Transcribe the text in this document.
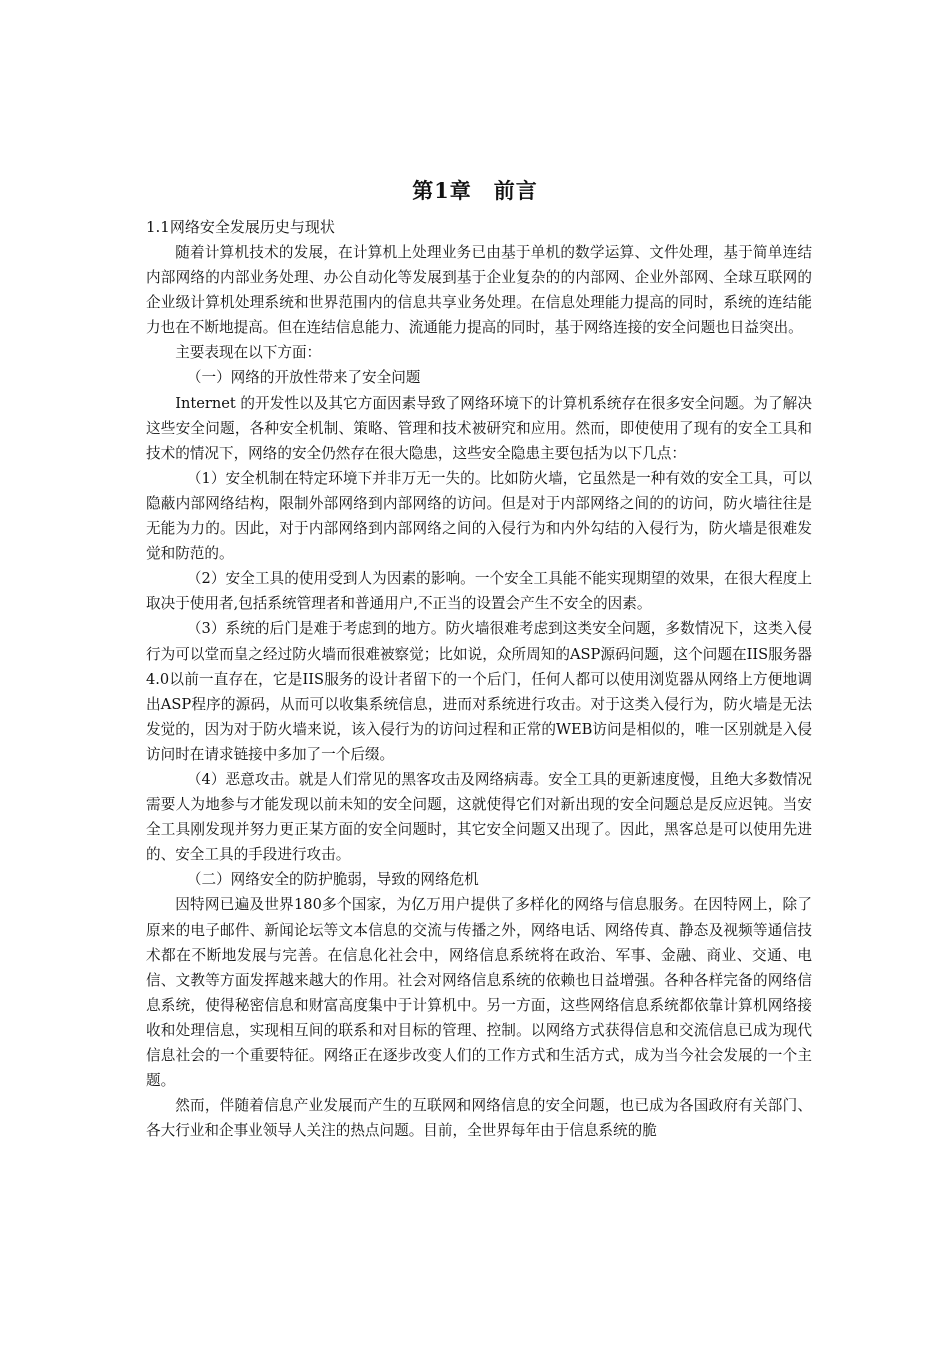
第1章　前言
1.1网络安全发展历史与现状

随着计算机技术的发展，在计算机上处理业务已由基于单机的数学运算、文件处理，基于简单连结内部网络的内部业务处理、办公自动化等发展到基于企业复杂的的内部网、企业外部网、全球互联网的企业级计算机处理系统和世界范围内的信息共享业务处理。在信息处理能力提高的同时，系统的连结能力也在不断地提高。但在连结信息能力、流通能力提高的同时，基于网络连接的安全问题也日益突出。

主要表现在以下方面：

（一）网络的开放性带来了安全问题

Internet 的开发性以及其它方面因素导致了网络环境下的计算机系统存在很多安全问题。为了解决这些安全问题，各种安全机制、策略、管理和技术被研究和应用。然而，即使使用了现有的安全工具和技术的情况下，网络的安全仍然存在很大隐患，这些安全隐患主要包括为以下几点：

（1）安全机制在特定环境下并非万无一失的。比如防火墙，它虽然是一种有效的安全工具，可以隐蔽内部网络结构，限制外部网络到内部网络的访问。但是对于内部网络之间的的访问，防火墙往往是无能为力的。因此，对于内部网络到内部网络之间的入侵行为和内外勾结的入侵行为，防火墙是很难发觉和防范的。

（2）安全工具的使用受到人为因素的影响。一个安全工具能不能实现期望的效果，在很大程度上取决于使用者,包括系统管理者和普通用户,不正当的设置会产生不安全的因素。

（3）系统的后门是难于考虑到的地方。防火墙很难考虑到这类安全问题，多数情况下，这类入侵行为可以堂而皇之经过防火墙而很难被察觉；比如说，众所周知的ASP源码问题，这个问题在IIS服务器4.0以前一直存在，它是IIS服务的设计者留下的一个后门，任何人都可以使用浏览器从网络上方便地调出ASP程序的源码，从而可以收集系统信息，进而对系统进行攻击。对于这类入侵行为，防火墙是无法发觉的，因为对于防火墙来说，该入侵行为的访问过程和正常的WEB访问是相似的，唯一区别就是入侵访问时在请求链接中多加了一个后缀。

（4）恶意攻击。就是人们常见的黑客攻击及网络病毒。安全工具的更新速度慢，且绝大多数情况需要人为地参与才能发现以前未知的安全问题，这就使得它们对新出现的安全问题总是反应迟钝。当安全工具刚发现并努力更正某方面的安全问题时，其它安全问题又出现了。因此，黑客总是可以使用先进的、安全工具的手段进行攻击。

（二）网络安全的防护脆弱，导致的网络危机

因特网已遍及世界180多个国家，为亿万用户提供了多样化的网络与信息服务。在因特网上，除了原来的电子邮件、新闻论坛等文本信息的交流与传播之外，网络电话、网络传真、静态及视频等通信技术都在不断地发展与完善。在信息化社会中，网络信息系统将在政治、军事、金融、商业、交通、电信、文教等方面发挥越来越大的作用。社会对网络信息系统的依赖也日益增强。各种各样完备的网络信息系统，使得秘密信息和财富高度集中于计算机中。另一方面，这些网络信息系统都依靠计算机网络接收和处理信息，实现相互间的联系和对目标的管理、控制。以网络方式获得信息和交流信息已成为现代信息社会的一个重要特征。网络正在逐步改变人们的工作方式和生活方式，成为当今社会发展的一个主题。

然而，伴随着信息产业发展而产生的互联网和网络信息的安全问题，也已成为各国政府有关部门、各大行业和企事业领导人关注的热点问题。目前，全世界每年由于信息系统的脆
